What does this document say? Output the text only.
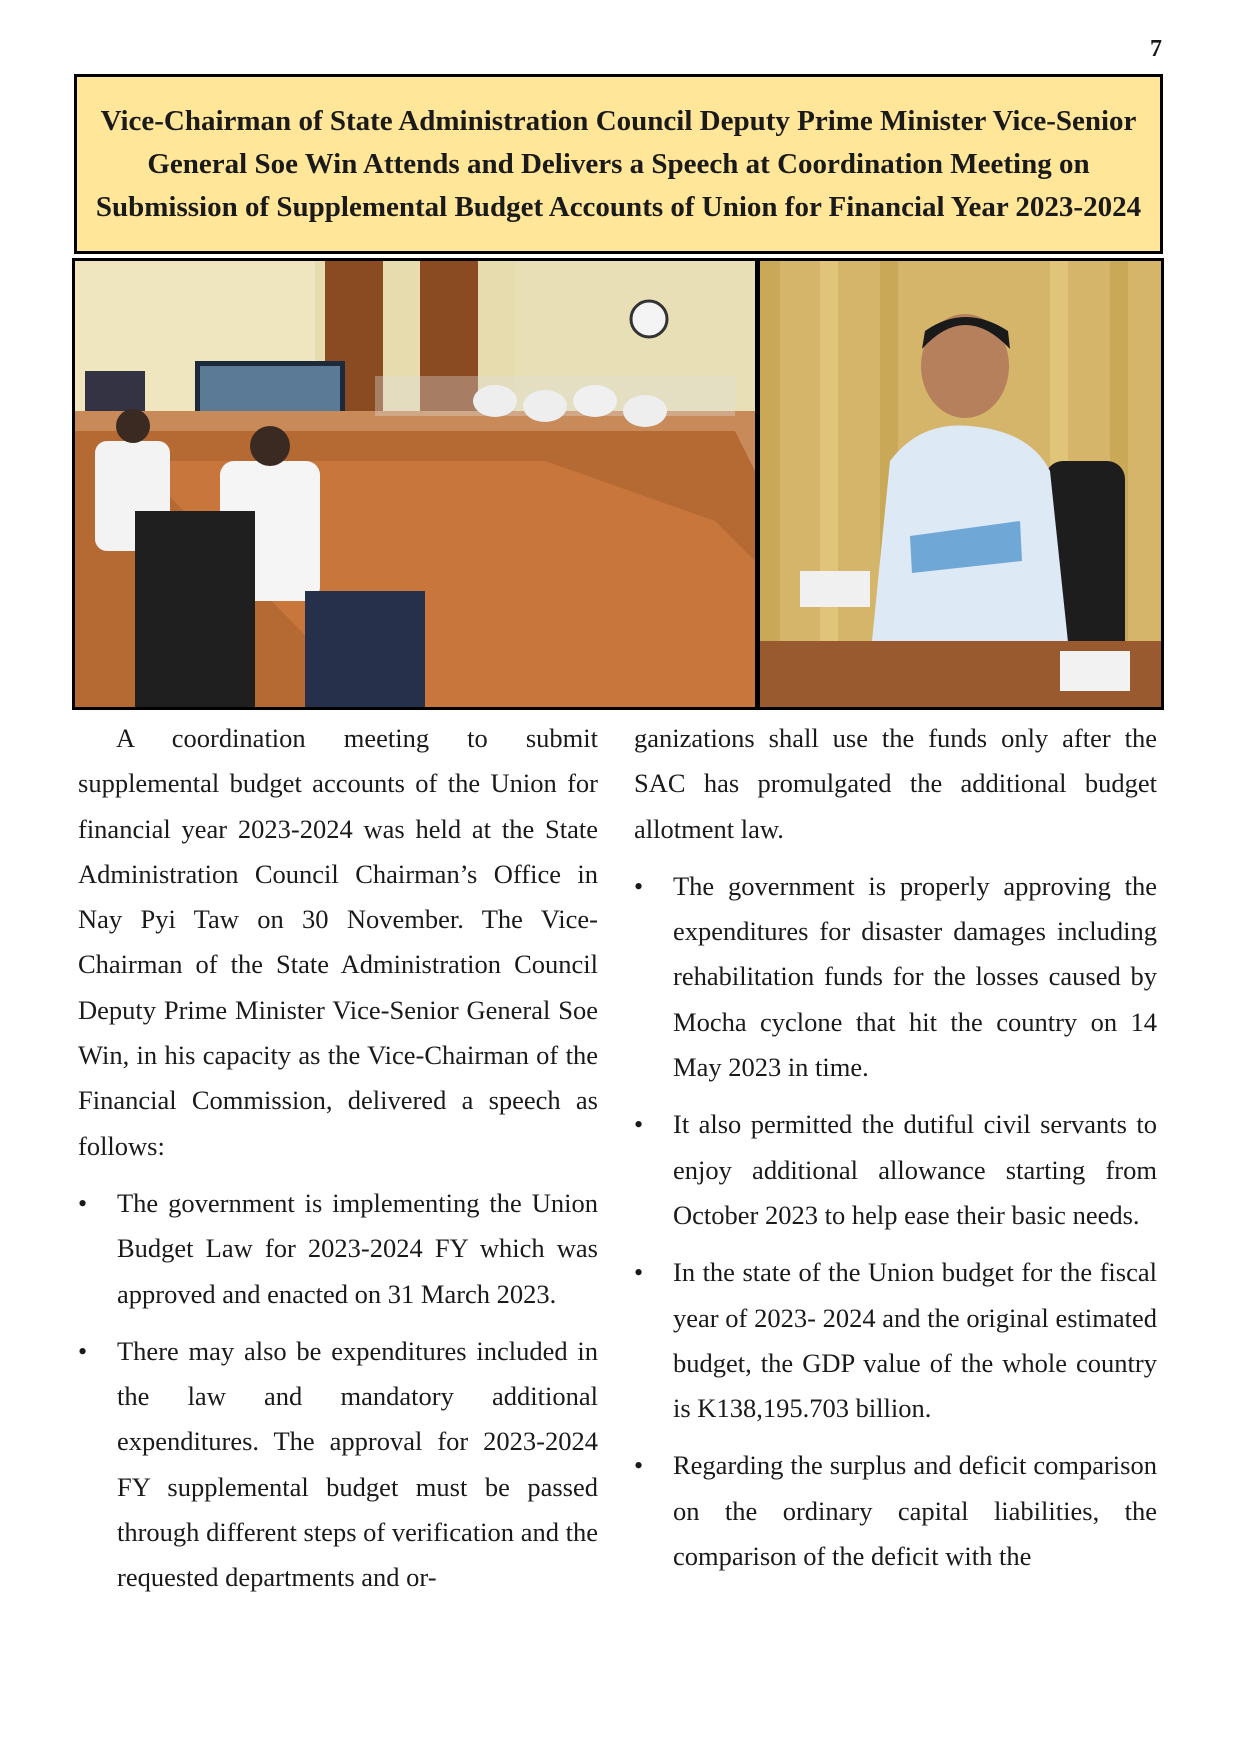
7
Vice-Chairman of State Administration Council Deputy Prime Minister Vice-Senior General Soe Win Attends and Delivers a Speech at Coordination Meeting on Submission of Supplemental Budget Accounts of Union for Financial Year 2023-2024

A coordination meeting to submit supplemental budget accounts of the Union for financial year 2023-2024 was held at the State Administration Council Chairman’s Office in Nay Pyi Taw on 30 November. The Vice- Chairman of the State Administration Council Deputy Prime Minister Vice-Senior General Soe Win, in his capacity as the Vice-Chairman of the Financial Commission, delivered a speech as follows:

• The government is implementing the Union Budget Law for 2023-2024 FY which was approved and enacted on 31 March 2023.
• There may also be expenditures included in the law and mandatory additional expenditures. The approval for 2023-2024 FY supplemental budget must be passed through different steps of verification and the requested departments and or-

ganizations shall use the funds only after the SAC has promulgated the additional budget allotment law.

• The government is properly approving the expenditures for disaster damages including rehabilitation funds for the losses caused by Mocha cyclone that hit the country on 14 May 2023 in time.
• It also permitted the dutiful civil servants to enjoy additional allowance starting from October 2023 to help ease their basic needs.
• In the state of the Union budget for the fiscal year of 2023- 2024 and the original estimated budget, the GDP value of the whole country is K138,195.703 billion.
• Regarding the surplus and deficit comparison on the ordinary capital liabilities, the comparison of the deficit with the
